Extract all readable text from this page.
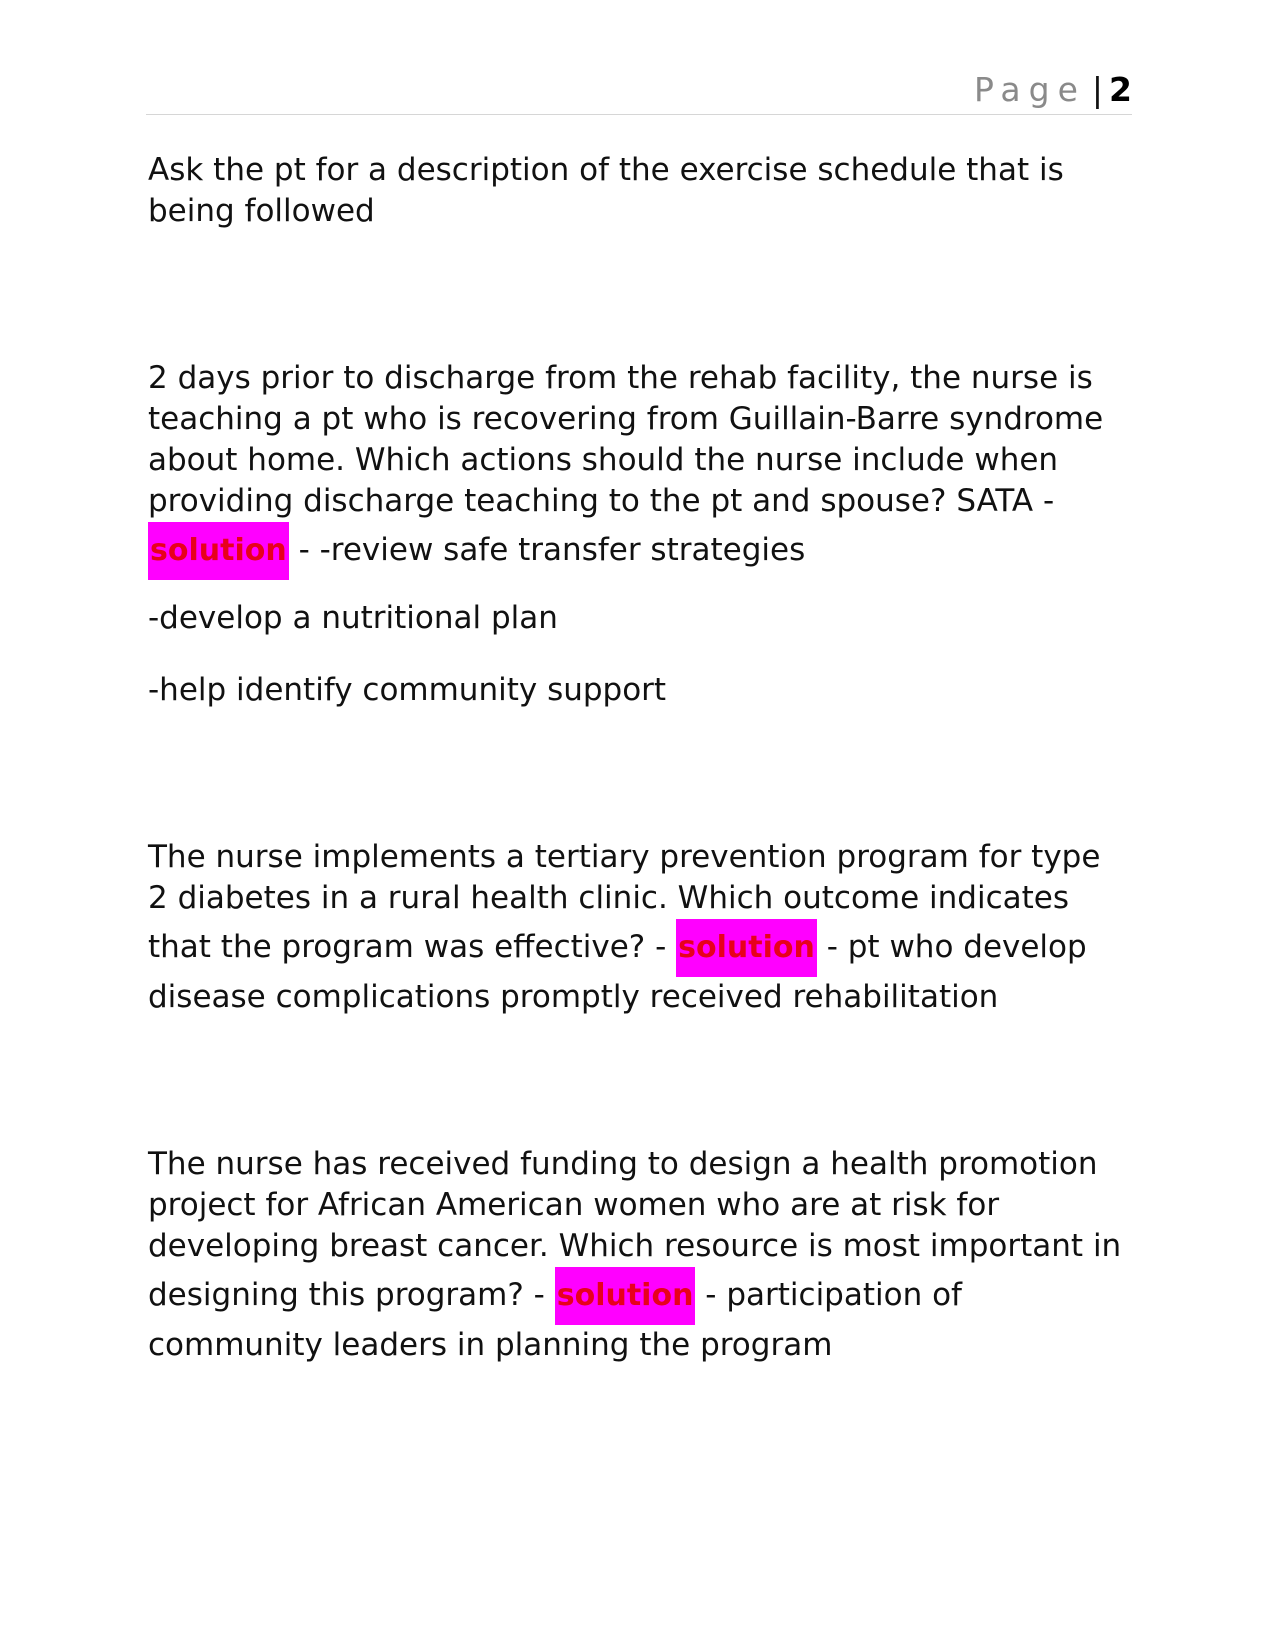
Page | 2

Ask the pt for a description of the exercise schedule that is being followed

2 days prior to discharge from the rehab facility, the nurse is teaching a pt who is recovering from Guillain-Barre syndrome about home. Which actions should the nurse include when providing discharge teaching to the pt and spouse? SATA -
solution - -review safe transfer strategies

-develop a nutritional plan

-help identify community support

The nurse implements a tertiary prevention program for type 2 diabetes in a rural health clinic. Which outcome indicates that the program was effective? - solution - pt who develop disease complications promptly received rehabilitation

The nurse has received funding to design a health promotion project for African American women who are at risk for developing breast cancer. Which resource is most important in designing this program? - solution - participation of community leaders in planning the program
